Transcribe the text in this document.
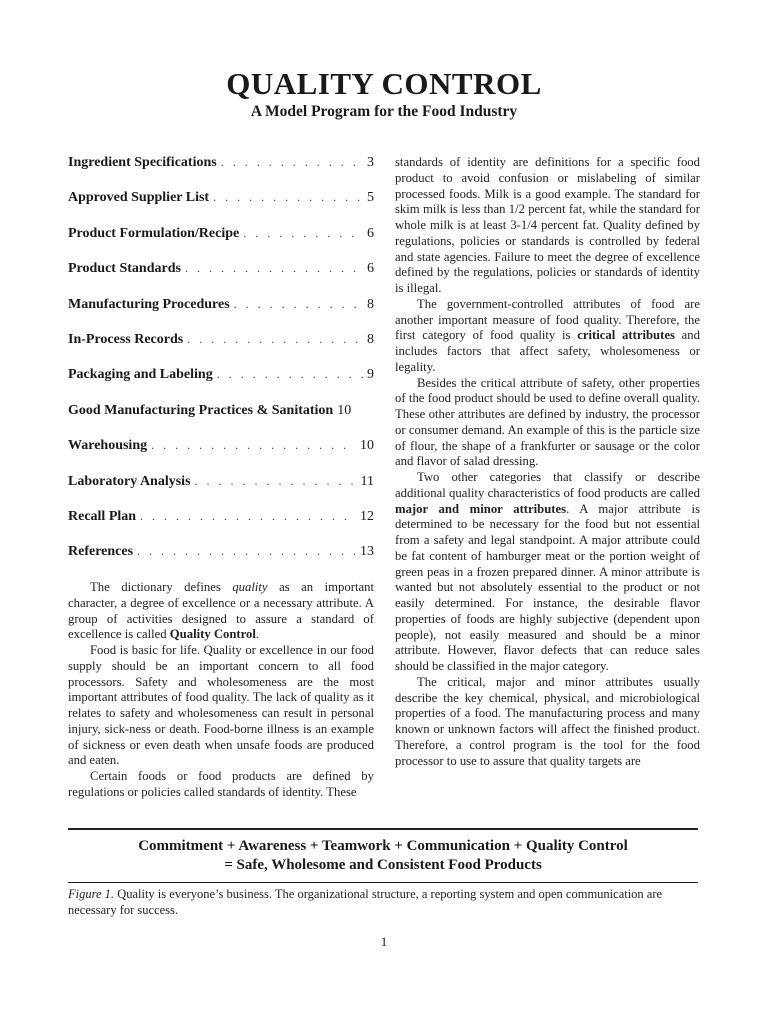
QUALITY CONTROL
A Model Program for the Food Industry
Ingredient Specifications . . .	3
Approved Supplier List . . .	5
Product Formulation/Recipe . . .	6
Product Standards . . .	6
Manufacturing Procedures . . .	8
In-Process Records . . .	8
Packaging and Labeling . . .	9
Good Manufacturing Practices & Sanitation 10
Warehousing . . .	10
Laboratory Analysis . . .	11
Recall Plan . . .	12
References . . .	13

The dictionary defines quality as an important character, a degree of excellence or a necessary attribute. A group of activities designed to assure a standard of excellence is called Quality Control.

Food is basic for life. Quality or excellence in our food supply should be an important concern to all food processors. Safety and wholesomeness are the most important attributes of food quality. The lack of quality as it relates to safety and wholesomeness can result in personal injury, sick-ness or death. Food-borne illness is an example of sickness or even death when unsafe foods are produced and eaten.

Certain foods or food products are defined by regulations or policies called standards of identity. These

standards of identity are definitions for a specific food product to avoid confusion or mislabeling of similar processed foods. Milk is a good example. The standard for skim milk is less than 1/2 percent fat, while the standard for whole milk is at least 3-1/4 percent fat. Quality defined by regulations, policies or standards is controlled by federal and state agencies. Failure to meet the degree of excellence defined by the regulations, policies or standards of identity is illegal.

The government-controlled attributes of food are another important measure of food quality. Therefore, the first category of food quality is critical attributes and includes factors that affect safety, wholesomeness or legality.

Besides the critical attribute of safety, other properties of the food product should be used to define overall quality. These other attributes are defined by industry, the processor or consumer demand. An example of this is the particle size of flour, the shape of a frankfurter or sausage or the color and flavor of salad dressing.

Two other categories that classify or describe additional quality characteristics of food products are called major and minor attributes. A major attribute is determined to be necessary for the food but not essential from a safety and legal standpoint. A major attribute could be fat content of hamburger meat or the portion weight of green peas in a frozen prepared dinner. A minor attribute is wanted but not absolutely essential to the product or not easily determined. For instance, the desirable flavor properties of foods are highly subjective (dependent upon people), not easily measured and should be a minor attribute. However, flavor defects that can reduce sales should be classified in the major category.

The critical, major and minor attributes usually describe the key chemical, physical, and microbiological properties of a food. The manufacturing process and many known or unknown factors will affect the finished product. Therefore, a control program is the tool for the food processor to use to assure that quality targets are

Commitment + Awareness + Teamwork + Communication + Quality Control
= Safe, Wholesome and Consistent Food Products
Figure 1. Quality is everyone’s business. The organizational structure, a reporting system and open communication are necessary for success.
1
